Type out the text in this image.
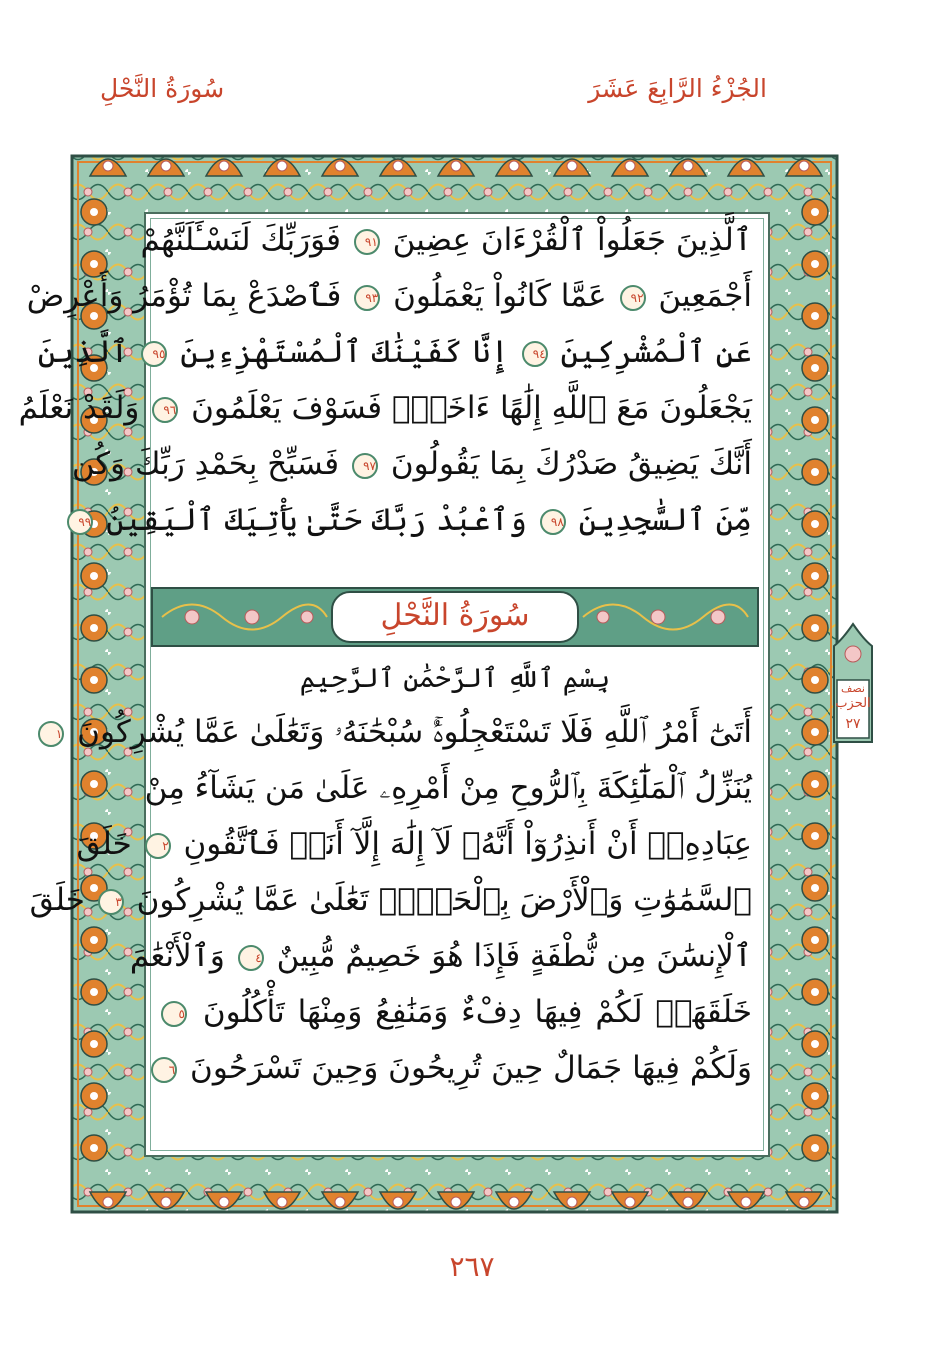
الجُزْءُ الرَّابِعَ عَشَرَ
سُورَةُ النَّحْلِ
ٱلَّذِينَ جَعَلُواْ ٱلْقُرْءَانَ عِضِينَ ٩١ فَوَرَبِّكَ لَنَسْـَٔلَنَّهُمْ
أَجْمَعِينَ ٩٢ عَمَّا كَانُواْ يَعْمَلُونَ ٩٣ فَٱصْدَعْ بِمَا تُؤْمَرُ وَأَعْرِضْ
عَنِ ٱلْمُشْرِكِينَ ٩٤ إِنَّا كَفَيْنَٰكَ ٱلْمُسْتَهْزِءِينَ ٩٥ ٱلَّذِينَ
يَجْعَلُونَ مَعَ ٱللَّهِ إِلَٰهًا ءَاخَرَۚ فَسَوْفَ يَعْلَمُونَ ٩٦ وَلَقَدْ نَعْلَمُ
أَنَّكَ يَضِيقُ صَدْرُكَ بِمَا يَقُولُونَ ٩٧ فَسَبِّحْ بِحَمْدِ رَبِّكَ وَكُن
مِّنَ ٱلسَّٰجِدِينَ ٩٨ وَٱعْبُدْ رَبَّكَ حَتَّىٰ يَأْتِيَكَ ٱلْيَقِينُ ٩٩
سُورَةُ النَّحْلِ
بِسْمِ ٱللَّهِ ٱلرَّحْمَٰنِ ٱلرَّحِيمِ
أَتَىٰٓ أَمْرُ ٱللَّهِ فَلَا تَسْتَعْجِلُوهُۚ سُبْحَٰنَهُۥ وَتَعَٰلَىٰ عَمَّا يُشْرِكُونَ ١
يُنَزِّلُ ٱلْمَلَٰٓئِكَةَ بِٱلرُّوحِ مِنْ أَمْرِهِۦ عَلَىٰ مَن يَشَآءُ مِنْ
عِبَادِهِۦٓ أَنْ أَنذِرُوٓاْ أَنَّهُۥ لَآ إِلَٰهَ إِلَّآ أَنَا۠ فَٱتَّقُونِ ٢ خَلَقَ
ٱلسَّمَٰوَٰتِ وَٱلْأَرْضَ بِٱلْحَقِّۚ تَعَٰلَىٰ عَمَّا يُشْرِكُونَ ٣ خَلَقَ
ٱلْإِنسَٰنَ مِن نُّطْفَةٍ فَإِذَا هُوَ خَصِيمٌ مُّبِينٌ ٤ وَٱلْأَنْعَٰمَ
خَلَقَهَاۗ لَكُمْ فِيهَا دِفْءٌ وَمَنَٰفِعُ وَمِنْهَا تَأْكُلُونَ ٥
وَلَكُمْ فِيهَا جَمَالٌ حِينَ تُرِيحُونَ وَحِينَ تَسْرَحُونَ ٦
نصف
الحزب
٢٧
٢٦٧
